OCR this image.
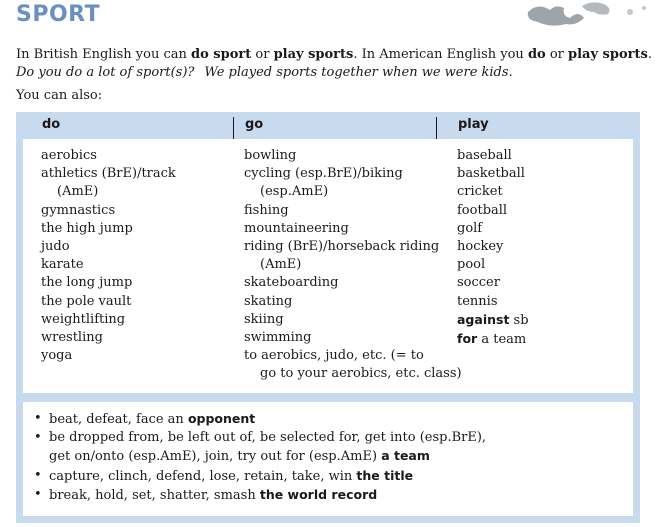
SPORT
In British English you can do sport or play sports. In American English you do or play sports.
Do you do a lot of sport(s)? We played sports together when we were kids.
You can also:
do	go	play
aerobics
athletics (BrE)/track
(AmE)
gymnastics
the high jump
judo
karate
the long jump
the pole vault
weightlifting
wrestling
yoga
bowling
cycling (esp.BrE)/biking
(esp.AmE)
fishing
mountaineering
riding (BrE)/horseback riding
(AmE)
skateboarding
skating
skiing
swimming
to aerobics, judo, etc. (= to
go to your aerobics, etc. class)
baseball
basketball
cricket
football
golf
hockey
pool
soccer
tennis
against sb
for a team
• beat, defeat, face an opponent
• be dropped from, be left out of, be selected for, get into (esp.BrE),
get on/onto (esp.AmE), join, try out for (esp.AmE) a team
• capture, clinch, defend, lose, retain, take, win the title
• break, hold, set, shatter, smash the world record
